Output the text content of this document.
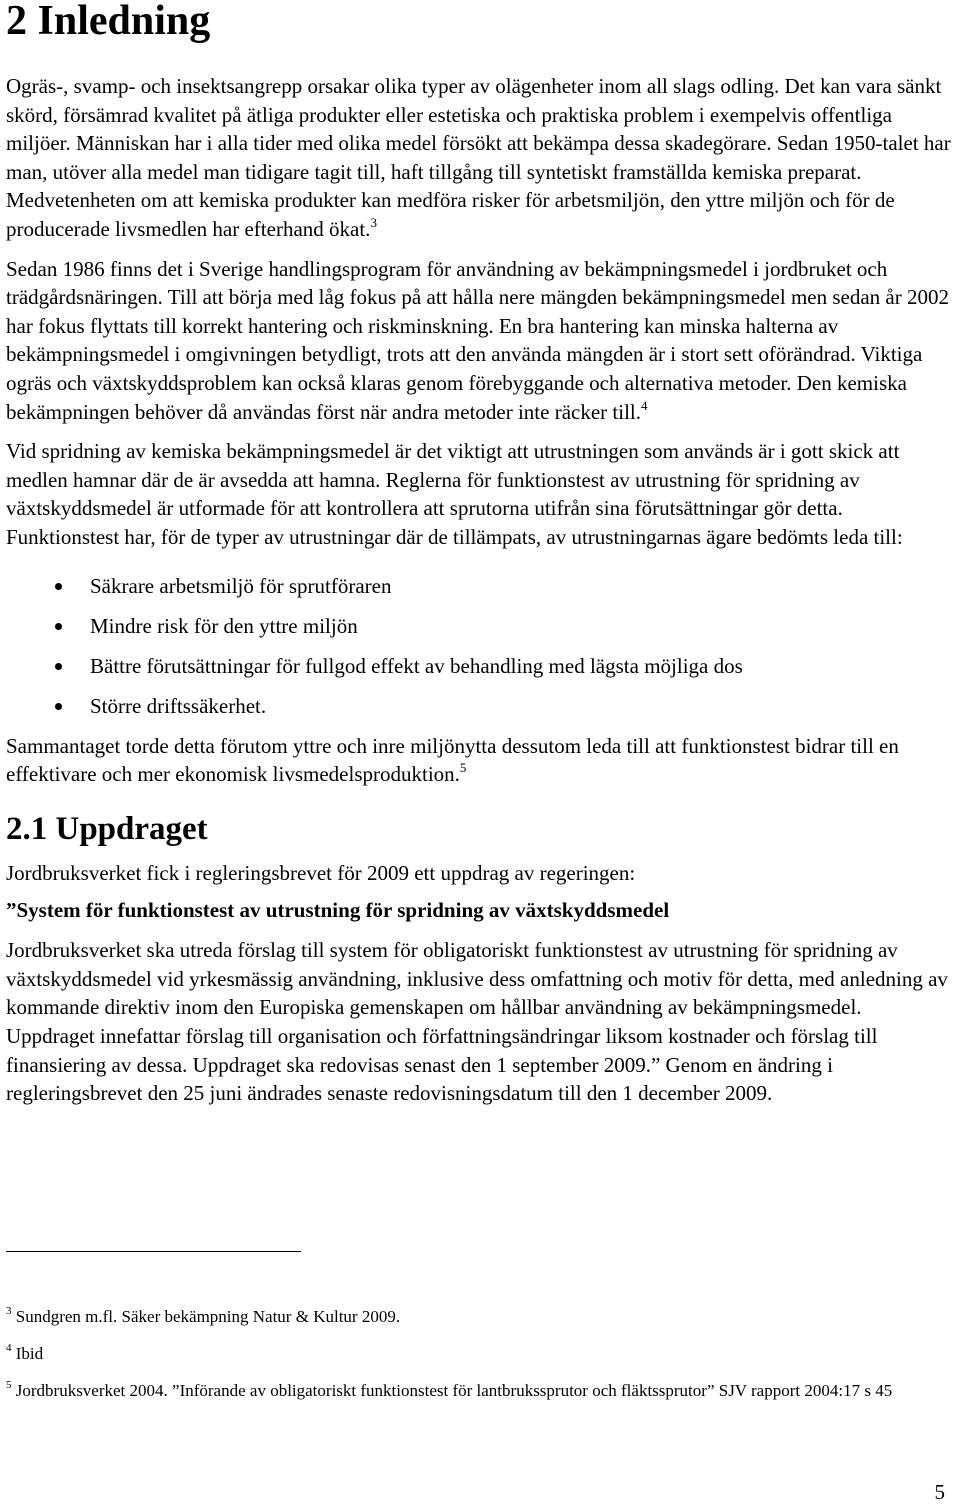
2 Inledning

Ogräs-, svamp- och insektsangrepp orsakar olika typer av olägenheter inom all slags odling. Det kan vara sänkt skörd, försämrad kvalitet på ätliga produkter eller estetiska och praktiska problem i exempelvis offentliga miljöer. Människan har i alla tider med olika medel försökt att bekämpa dessa skadegörare. Sedan 1950-talet har man, utöver alla medel man tidigare tagit till, haft tillgång till syntetiskt framställda kemiska preparat. Medvetenheten om att kemiska produkter kan medföra risker för arbetsmiljön, den yttre miljön och för de producerade livsmedlen har efterhand ökat.$^3$

Sedan 1986 finns det i Sverige handlingsprogram för användning av bekämpningsmedel i jordbruket och trädgårdsnäringen. Till att börja med låg fokus på att hålla nere mängden bekämpningsmedel men sedan år 2002 har fokus flyttats till korrekt hantering och riskminskning. En bra hantering kan minska halterna av bekämpningsmedel i omgivningen betydligt, trots att den använda mängden är i stort sett oförändrad. Viktiga ogräs och växtskyddsproblem kan också klaras genom förebyggande och alternativa metoder. Den kemiska bekämpningen behöver då användas först när andra metoder inte räcker till.$^4$

Vid spridning av kemiska bekämpningsmedel är det viktigt att utrustningen som används är i gott skick att medlen hamnar där de är avsedda att hamna. Reglerna för funktionstest av utrustning för spridning av växtskyddsmedel är utformade för att kontrollera att sprutorna utifrån sina förutsättningar gör detta. Funktionstest har, för de typer av utrustningar där de tillämpats, av utrustningarnas ägare bedömts leda till:

Säkrare arbetsmiljö för sprutföraren
Mindre risk för den yttre miljön
Bättre förutsättningar för fullgod effekt av behandling med lägsta möjliga dos
Större driftssäkerhet.

Sammantaget torde detta förutom yttre och inre miljönytta dessutom leda till att funktionstest bidrar till en effektivare och mer ekonomisk livsmedelsproduktion.$^5$

2.1 Uppdraget

Jordbruksverket fick i regleringsbrevet för 2009 ett uppdrag av regeringen:

”System för funktionstest av utrustning för spridning av växtskyddsmedel

Jordbruksverket ska utreda förslag till system för obligatoriskt funktionstest av utrustning för spridning av växtskyddsmedel vid yrkesmässig användning, inklusive dess omfattning och motiv för detta, med anledning av kommande direktiv inom den Europiska gemenskapen om hållbar användning av bekämpningsmedel. Uppdraget innefattar förslag till organisation och författningsändringar liksom kostnader och förslag till finansiering av dessa. Uppdraget ska redovisas senast den 1 september 2009.” Genom en ändring i regleringsbrevet den 25 juni ändrades senaste redovisningsdatum till den 1 december 2009.

$^3$ Sundgren m.fl. Säker bekämpning Natur & Kultur 2009.

$^4$ Ibid

$^5$ Jordbruksverket 2004. ”Införande av obligatoriskt funktionstest för lantbrukssprutor och fläktssprutor” SJV rapport 2004:17 s 45

5
